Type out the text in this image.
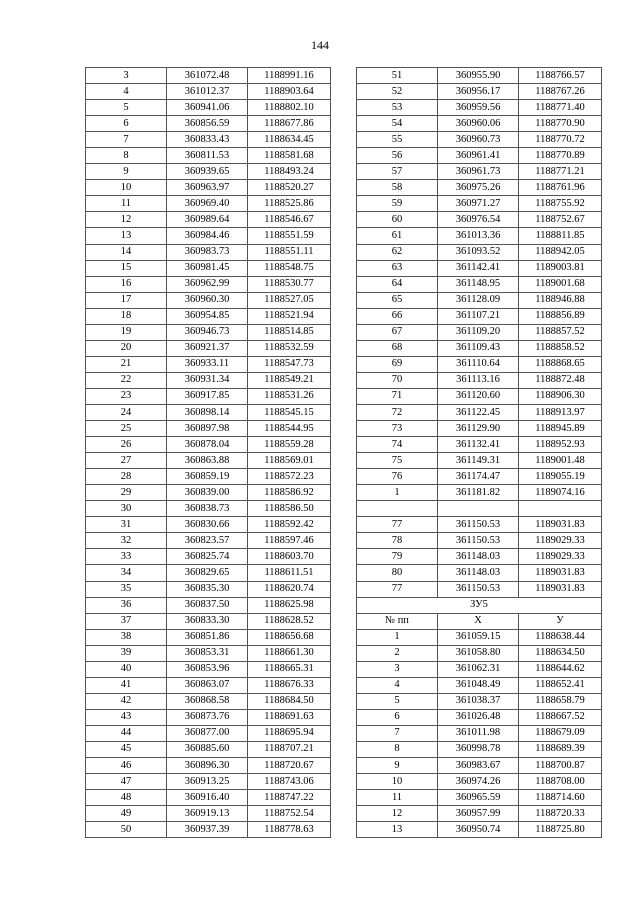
144
3	361072.48	1188991.16
4	361012.37	1188903.64
5	360941.06	1188802.10
6	360856.59	1188677.86
7	360833.43	1188634.45
8	360811.53	1188581.68
9	360939.65	1188493.24
10	360963.97	1188520.27
11	360969.40	1188525.86
12	360989.64	1188546.67
13	360984.46	1188551.59
14	360983.73	1188551.11
15	360981.45	1188548.75
16	360962.99	1188530.77
17	360960.30	1188527.05
18	360954.85	1188521.94
19	360946.73	1188514.85
20	360921.37	1188532.59
21	360933.11	1188547.73
22	360931.34	1188549.21
23	360917.85	1188531.26
24	360898.14	1188545.15
25	360897.98	1188544.95
26	360878.04	1188559.28
27	360863.88	1188569.01
28	360859.19	1188572.23
29	360839.00	1188586.92
30	360838.73	1188586.50
31	360830.66	1188592.42
32	360823.57	1188597.46
33	360825.74	1188603.70
34	360829.65	1188611.51
35	360835.30	1188620.74
36	360837.50	1188625.98
37	360833.30	1188628.52
38	360851.86	1188656.68
39	360853.31	1188661.30
40	360853.96	1188665.31
41	360863.07	1188676.33
42	360868.58	1188684.50
43	360873.76	1188691.63
44	360877.00	1188695.94
45	360885.60	1188707.21
46	360896.30	1188720.67
47	360913.25	1188743.06
48	360916.40	1188747.22
49	360919.13	1188752.54
50	360937.39	1188778.63
51	360955.90	1188766.57
52	360956.17	1188767.26
53	360959.56	1188771.40
54	360960.06	1188770.90
55	360960.73	1188770.72
56	360961.41	1188770.89
57	360961.73	1188771.21
58	360975.26	1188761.96
59	360971.27	1188755.92
60	360976.54	1188752.67
61	361013.36	1188811.85
62	361093.52	1188942.05
63	361142.41	1189003.81
64	361148.95	1189001.68
65	361128.09	1188946.88
66	361107.21	1188856.89
67	361109.20	1188857.52
68	361109.43	1188858.52
69	361110.64	1188868.65
70	361113.16	1188872.48
71	361120.60	1188906.30
72	361122.45	1188913.97
73	361129.90	1188945.89
74	361132.41	1188952.93
75	361149.31	1189001.48
76	361174.47	1189055.19
1	361181.82	1189074.16

77	361150.53	1189031.83
78	361150.53	1189029.33
79	361148.03	1189029.33
80	361148.03	1189031.83
77	361150.53	1189031.83
ЗУ5		
№ пп	X	У
1	361059.15	1188638.44
2	361058.80	1188634.50
3	361062.31	1188644.62
4	361048.49	1188652.41
5	361038.37	1188658.79
6	361026.48	1188667.52
7	361011.98	1188679.09
8	360998.78	1188689.39
9	360983.67	1188700.87
10	360974.26	1188708.00
11	360965.59	1188714.60
12	360957.99	1188720.33
13	360950.74	1188725.80
